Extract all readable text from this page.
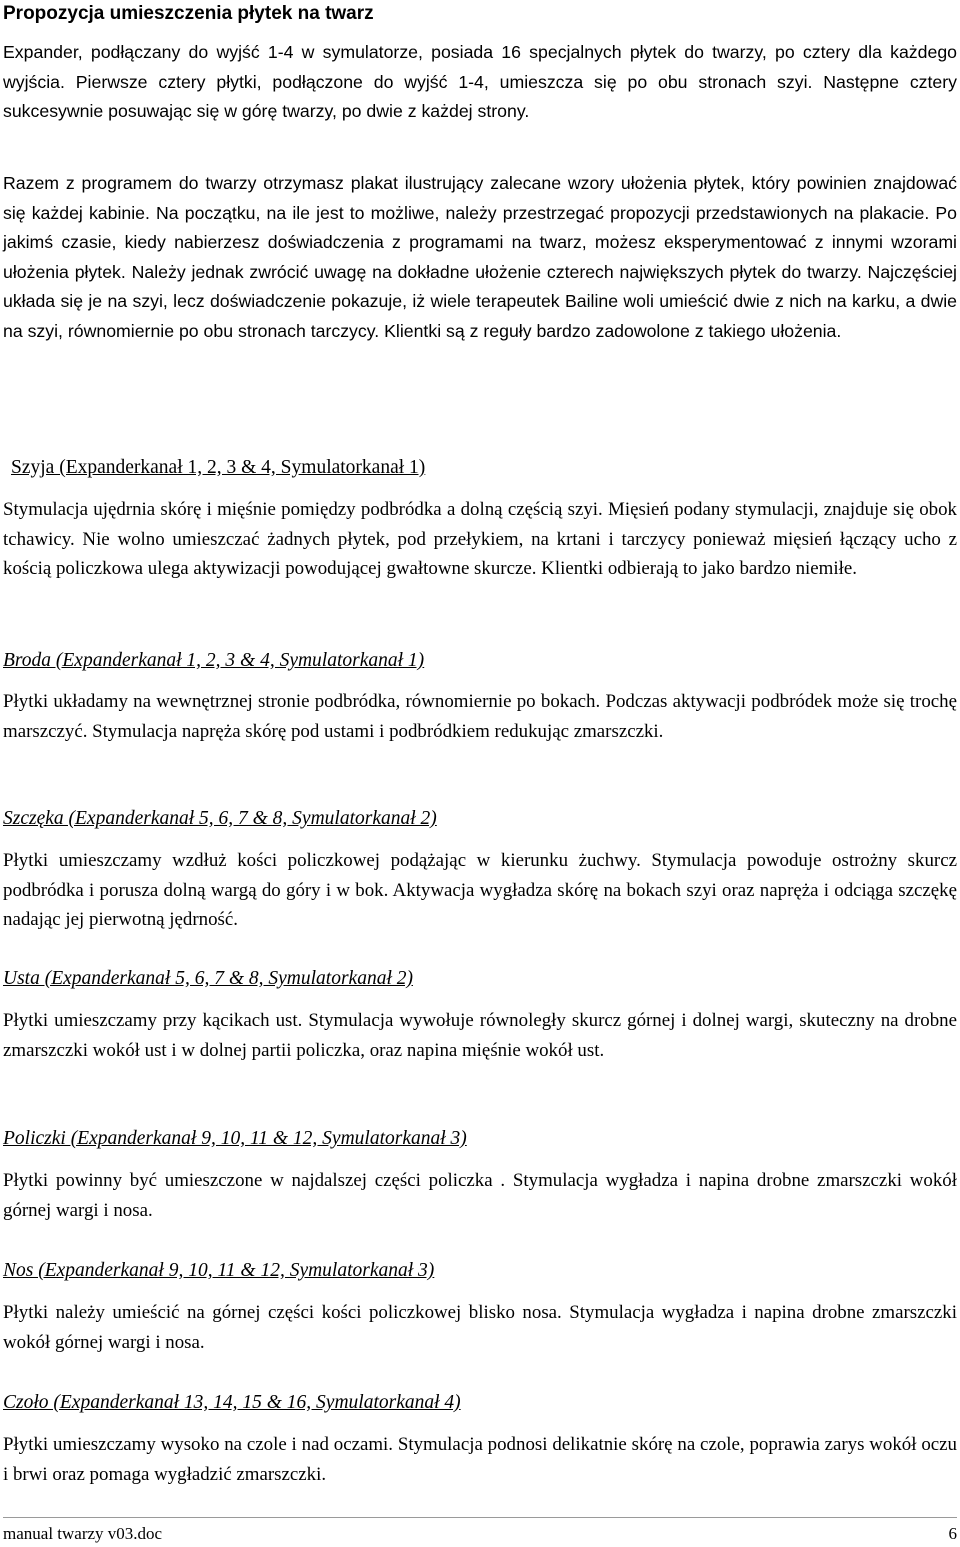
Propozycja umieszczenia płytek na twarz

Expander, podłączany do wyjść 1-4 w symulatorze, posiada 16 specjalnych płytek do twarzy, po cztery dla każdego wyjścia. Pierwsze cztery płytki, podłączone do wyjść 1-4, umieszcza się po obu stronach szyi. Następne cztery sukcesywnie posuwając się w górę twarzy, po dwie z każdej strony.

Razem z programem do twarzy otrzymasz plakat ilustrujący zalecane wzory ułożenia płytek, który powinien znajdować się każdej kabinie. Na początku, na ile jest to możliwe, należy przestrzegać propozycji przedstawionych na plakacie. Po jakimś czasie, kiedy nabierzesz doświadczenia z programami na twarz, możesz eksperymentować z innymi wzorami ułożenia płytek. Należy jednak zwrócić uwagę na dokładne ułożenie czterech największych płytek do twarzy. Najczęściej układa się je na szyi, lecz doświadczenie pokazuje, iż wiele terapeutek Bailine woli umieścić dwie z nich na karku, a dwie na szyi, równomiernie po obu stronach tarczycy. Klientki są z reguły bardzo zadowolone z takiego ułożenia.

Szyja (Expanderkanał 1, 2, 3 & 4, Symulatorkanał 1)

Stymulacja ujędrnia skórę i mięśnie pomiędzy podbródka a dolną częścią szyi. Mięsień podany stymulacji, znajduje się obok tchawicy. Nie wolno umieszczać żadnych płytek, pod przełykiem, na krtani i tarczycy ponieważ mięsień łączący ucho z kością policzkowa ulega aktywizacji powodującej gwałtowne skurcze. Klientki odbierają to jako bardzo niemiłe.

Broda (Expanderkanał 1, 2, 3 & 4, Symulatorkanał 1)

Płytki układamy na wewnętrznej stronie podbródka, równomiernie po bokach. Podczas aktywacji podbródek może się trochę marszczyć. Stymulacja napręża skórę pod ustami i podbródkiem redukując zmarszczki.

Szczęka (Expanderkanał 5, 6, 7 & 8, Symulatorkanał 2)

Płytki umieszczamy wzdłuż kości policzkowej podążając w kierunku żuchwy. Stymulacja powoduje ostrożny skurcz podbródka i porusza dolną wargą do góry i w bok. Aktywacja wygładza skórę na bokach szyi oraz napręża i odciąga szczękę nadając jej pierwotną jędrność.

Usta (Expanderkanał 5, 6, 7 & 8, Symulatorkanał 2)

Płytki umieszczamy przy kącikach ust. Stymulacja wywołuje równoległy skurcz górnej i dolnej wargi, skuteczny na drobne zmarszczki wokół ust i w dolnej partii policzka, oraz napina mięśnie wokół ust.

Policzki (Expanderkanał 9, 10, 11 & 12, Symulatorkanał 3)

Płytki powinny być umieszczone w najdalszej części policzka . Stymulacja wygładza i napina drobne zmarszczki wokół górnej wargi i nosa.

Nos (Expanderkanał 9, 10, 11 & 12, Symulatorkanał 3)

Płytki należy umieścić na górnej części kości policzkowej blisko nosa. Stymulacja wygładza i napina drobne zmarszczki wokół górnej wargi i nosa.

Czoło (Expanderkanał 13, 14, 15 & 16, Symulatorkanał 4)

Płytki umieszczamy wysoko na czole i nad oczami. Stymulacja podnosi delikatnie skórę na czole, poprawia zarys wokół oczu i brwi oraz pomaga wygładzić zmarszczki.

manual twarzy v03.doc	6
